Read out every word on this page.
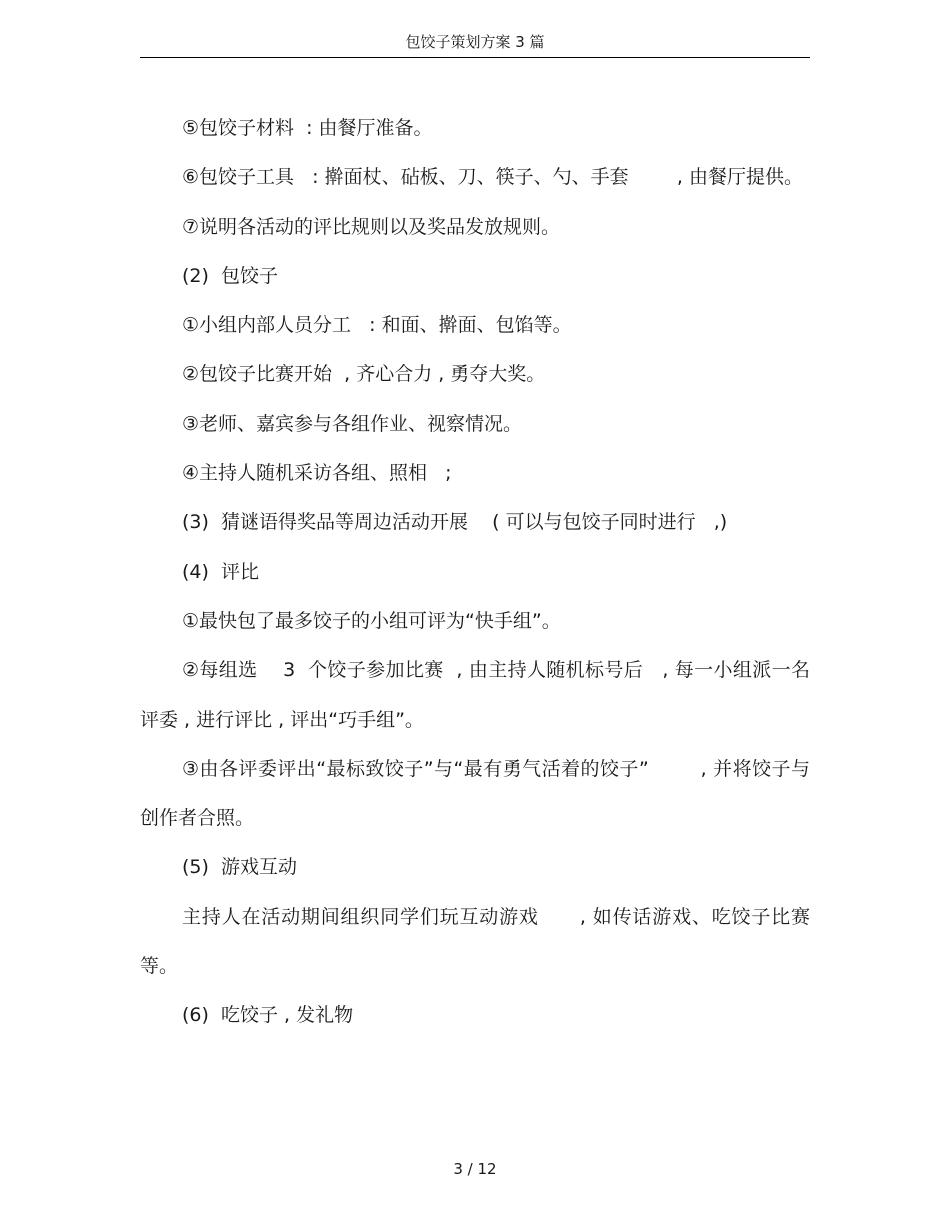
包饺子策划方案 3 篇

⑤包饺子材料  : 由餐厅准备。

⑥包饺子工具   : 擀面杖、砧板、刀、筷子、勺、手套        , 由餐厅提供。

⑦说明各活动的评比规则以及奖品发放规则。

(2)  包饺子

①小组内部人员分工   : 和面、擀面、包馅等。

②包饺子比赛开始  , 齐心合力 , 勇夺大奖。

③老师、嘉宾参与各组作业、视察情况。

④主持人随机采访各组、照相   ;

(3)  猜谜语得奖品等周边活动开展    ( 可以与包饺子同时进行   ,)

(4)  评比

①最快包了最多饺子的小组可评为“快手组”。

②每组选    3  个饺子参加比赛  , 由主持人随机标号后   , 每一小组派一名评委 , 进行评比 , 评出“巧手组”。

③由各评委评出“最标致饺子”与“最有勇气活着的饺子”        , 并将饺子与创作者合照。

(5)  游戏互动

主持人在活动期间组织同学们玩互动游戏      , 如传话游戏、吃饺子比赛等。

(6)  吃饺子 , 发礼物

3 / 12
